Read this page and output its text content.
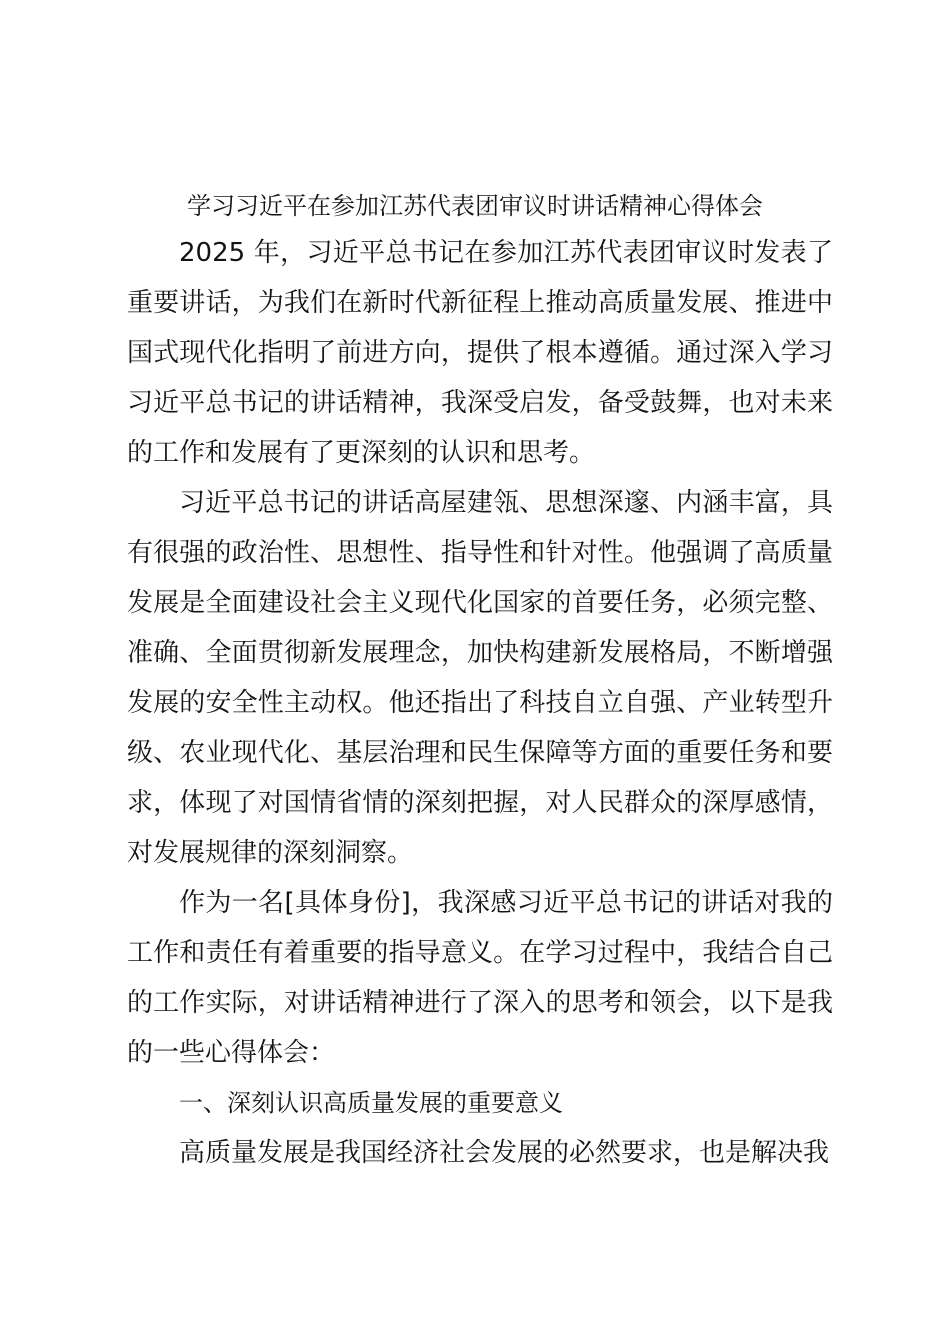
学习习近平在参加江苏代表团审议时讲话精神心得体会

2025 年，习近平总书记在参加江苏代表团审议时发表了重要讲话，为我们在新时代新征程上推动高质量发展、推进中国式现代化指明了前进方向，提供了根本遵循。通过深入学习习近平总书记的讲话精神，我深受启发，备受鼓舞，也对未来的工作和发展有了更深刻的认识和思考。

习近平总书记的讲话高屋建瓴、思想深邃、内涵丰富，具有很强的政治性、思想性、指导性和针对性。他强调了高质量发展是全面建设社会主义现代化国家的首要任务，必须完整、准确、全面贯彻新发展理念，加快构建新发展格局，不断增强发展的安全性主动权。他还指出了科技自立自强、产业转型升级、农业现代化、基层治理和民生保障等方面的重要任务和要求，体现了对国情省情的深刻把握，对人民群众的深厚感情，对发展规律的深刻洞察。

作为一名[具体身份]，我深感习近平总书记的讲话对我的工作和责任有着重要的指导意义。在学习过程中，我结合自己的工作实际，对讲话精神进行了深入的思考和领会，以下是我的一些心得体会：

一、深刻认识高质量发展的重要意义

高质量发展是我国经济社会发展的必然要求，也是解决我
